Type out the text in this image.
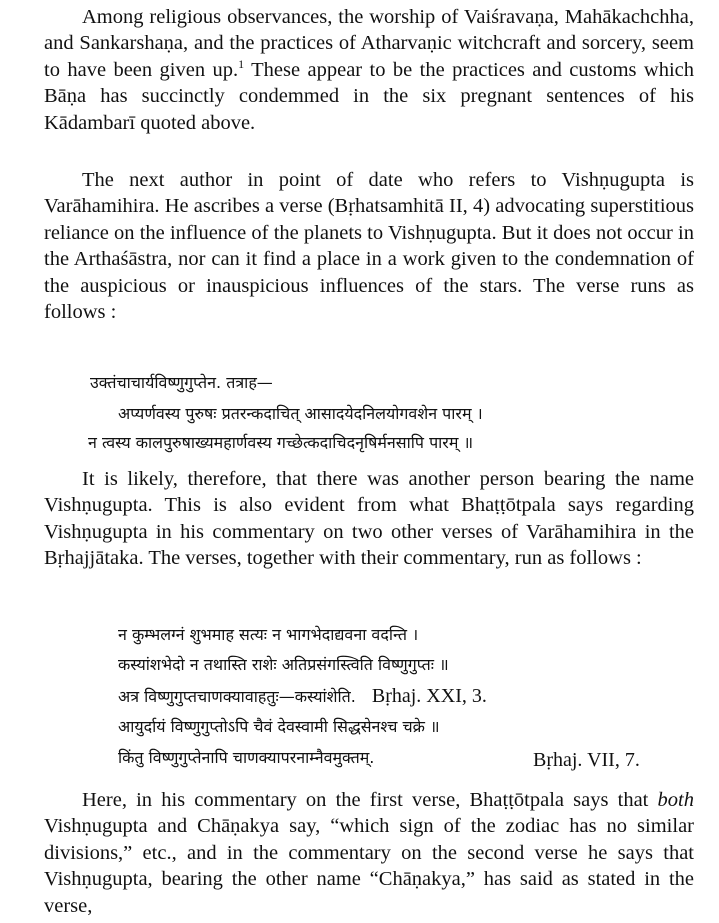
Among religious observances, the worship of Vaiśravaṇa, Mahākachchha, and Sankarshaṇa, and the practices of Atharvaṇic witchcraft and sorcery, seem to have been given up.$^1$ These appear to be the practices and customs which Bāṇa has succinctly condemmed in the six pregnant sentences of his Kādambarī quoted above.

The next author in point of date who refers to Vishṇugupta is Varāhamihira. He ascribes a verse (Bṛhatsamhitā II, 4) advocating superstitious reliance on the influence of the planets to Vishṇugupta. But it does not occur in the Arthaśāstra, nor can it find a place in a work given to the condemnation of the auspicious or inauspicious influences of the stars. The verse runs as follows :

उक्तंचाचार्यविष्णुगुप्तेन. तत्राह—
अप्यर्णवस्य पुरुषः प्रतरन्कदाचित् आसादयेदनिलयोगवशेन पारम् ।
न त्वस्य कालपुरुषाख्यमहार्णवस्य गच्छेत्कदाचिदनृषिर्मनसापि पारम् ॥

It is likely, therefore, that there was another person bearing the name Vishṇugupta. This is also evident from what Bhaṭṭōtpala says regarding Vishṇugupta in his commentary on two other verses of Varāhamihira in the Bṛhajjātaka. The verses, together with their commentary, run as follows :

न कुम्भलग्नं शुभमाह सत्यः न भागभेदाद्यवना वदन्ति ।
कस्यांशभेदो न तथास्ति राशेः अतिप्रसंगस्त्विति विष्णुगुप्तः ॥
अत्र विष्णुगुप्तचाणक्यावाहतुः—कस्यांशेति. Bṛhaj. XXI, 3.
आयुर्दायं विष्णुगुप्तोऽपि चैवं देवस्वामी सिद्धसेनश्च चक्रे ॥
किंतु विष्णुगुप्तेनापि चाणक्यापरनाम्नैवमुक्तम्.	Bṛhaj. VII, 7.

Here, in his commentary on the first verse, Bhaṭṭōtpala says that both Vishṇugupta and Chāṇakya say, “which sign of the zodiac has no similar divisions,” etc., and in the commentary on the second verse he says that Vishṇugupta, bearing the other name “Chāṇakya,” has said as stated in the verse,
